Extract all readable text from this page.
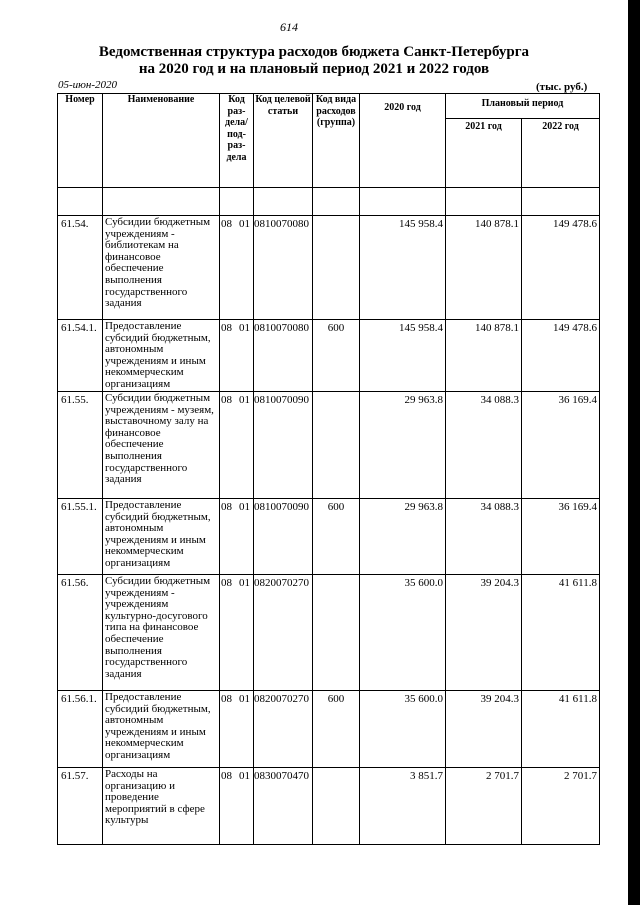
614
Ведомственная структура расходов бюджета Санкт-Петербурга
на 2020 год и на плановый период 2021 и 2022 годов
05-июн-2020	(тыс. руб.)
Номер	Наименование	Код раз- дела/ под- раз- дела	Код целевой статьи	Код вида расходов (группа)	2020 год	Плановый период	
						2021 год	2022 год

61.54.	Субсидии бюджетным учреждениям - библиотекам на финансовое обеспечение выполнения государственного задания	08 01	0810070080		145 958.4	140 878.1	149 478.6
61.54.1.	Предоставление субсидий бюджетным, автономным учреждениям и иным некоммерческим организациям	08 01	0810070080	600	145 958.4	140 878.1	149 478.6
61.55.	Субсидии бюджетным учреждениям - музеям, выставочному залу на финансовое обеспечение выполнения государственного задания	08 01	0810070090		29 963.8	34 088.3	36 169.4
61.55.1.	Предоставление субсидий бюджетным, автономным учреждениям и иным некоммерческим организациям	08 01	0810070090	600	29 963.8	34 088.3	36 169.4
61.56.	Субсидии бюджетным учреждениям - учреждениям культурно-досугового типа на финансовое обеспечение выполнения государственного задания	08 01	0820070270		35 600.0	39 204.3	41 611.8
61.56.1.	Предоставление субсидий бюджетным, автономным учреждениям и иным некоммерческим организациям	08 01	0820070270	600	35 600.0	39 204.3	41 611.8
61.57.	Расходы на организацию и проведение мероприятий в сфере культуры	08 01	0830070470		3 851.7	2 701.7	2 701.7
